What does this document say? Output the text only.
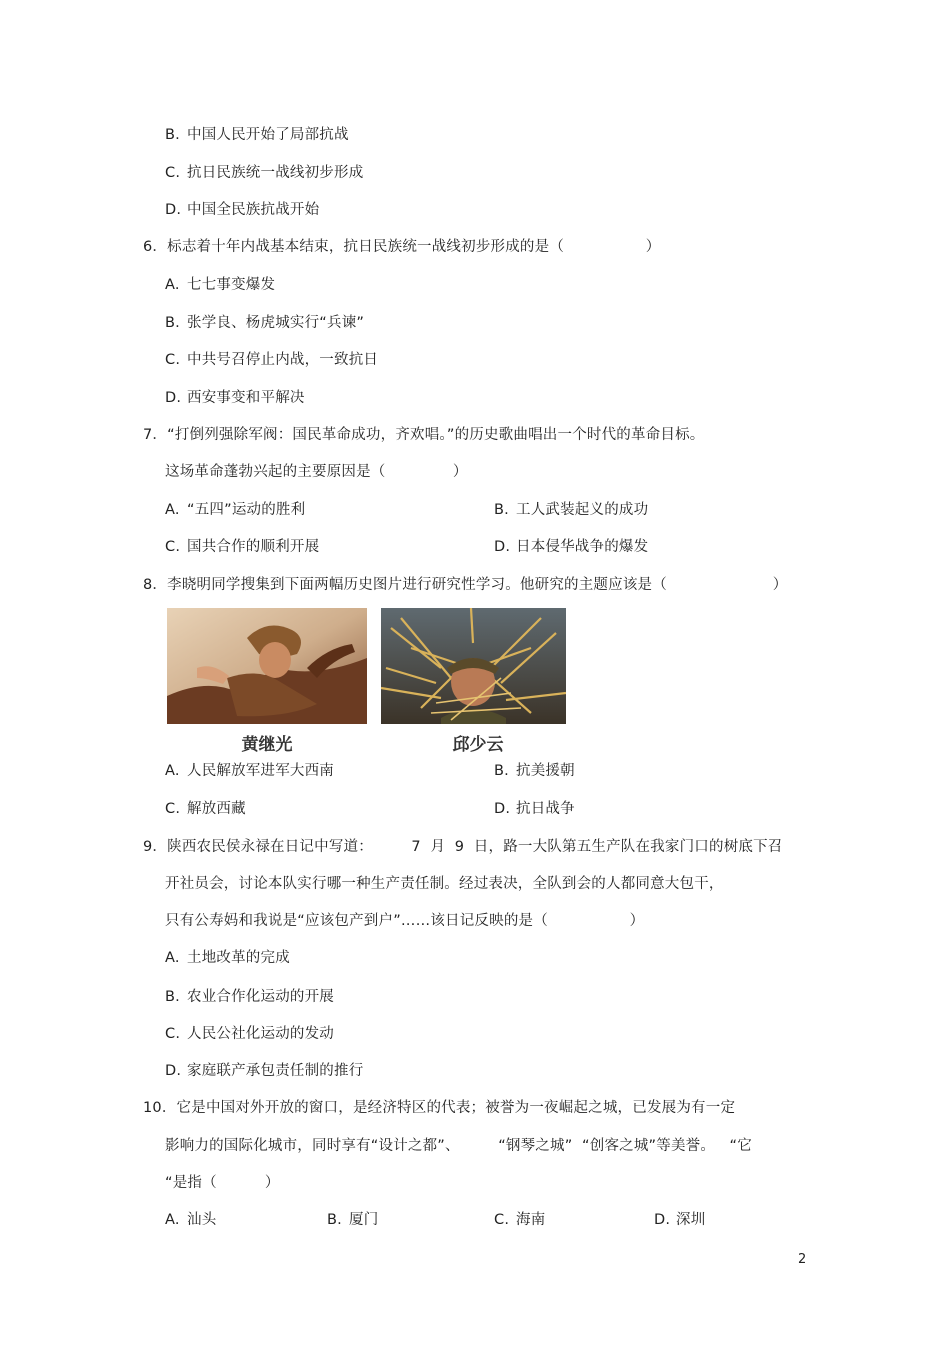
B. 中国人民开始了局部抗战
C. 抗日民族统一战线初步形成
D. 中国全民族抗战开始
6．标志着十年内战基本结束，抗日民族统一战线初步形成的是（                 ）
A. 七七事变爆发
B. 张学良、杨虎城实行“兵谏”
C. 中共号召停止内战，一致抗日
D. 西安事变和平解决
7．“打倒列强除军阀：国民革命成功，齐欢唱。”的历史歌曲唱出一个时代的革命目标。
这场革命蓬勃兴起的主要原因是（              ）
A. “五四”运动的胜利	B. 工人武装起义的成功
C. 国共合作的顺利开展	D. 日本侵华战争的爆发
8．李晓明同学搜集到下面两幅历史图片进行研究性学习。他研究的主题应该是（                      ）
黄继光	邱少云
A. 人民解放军进军大西南	B. 抗美援朝
C. 解放西藏	D. 抗日战争
9．陕西农民侯永禄在日记中写道：        7  月  9  日，路一大队第五生产队在我家门口的树底下召
开社员会，讨论本队实行哪一种生产责任制。经过表决，全队到会的人都同意大包干，
只有公寿妈和我说是“应该包产到户”……该日记反映的是（                 ）
A. 土地改革的完成
B. 农业合作化运动的开展
C. 人民公社化运动的发动
D. 家庭联产承包责任制的推行
10．它是中国对外开放的窗口，是经济特区的代表；被誉为一夜崛起之城，已发展为有一定
影响力的国际化城市，同时享有“设计之都”、        “钢琴之城”  “创客之城”等美誉。   “它
“是指（          ）
A. 汕头	B. 厦门	C. 海南	D. 深圳
2
